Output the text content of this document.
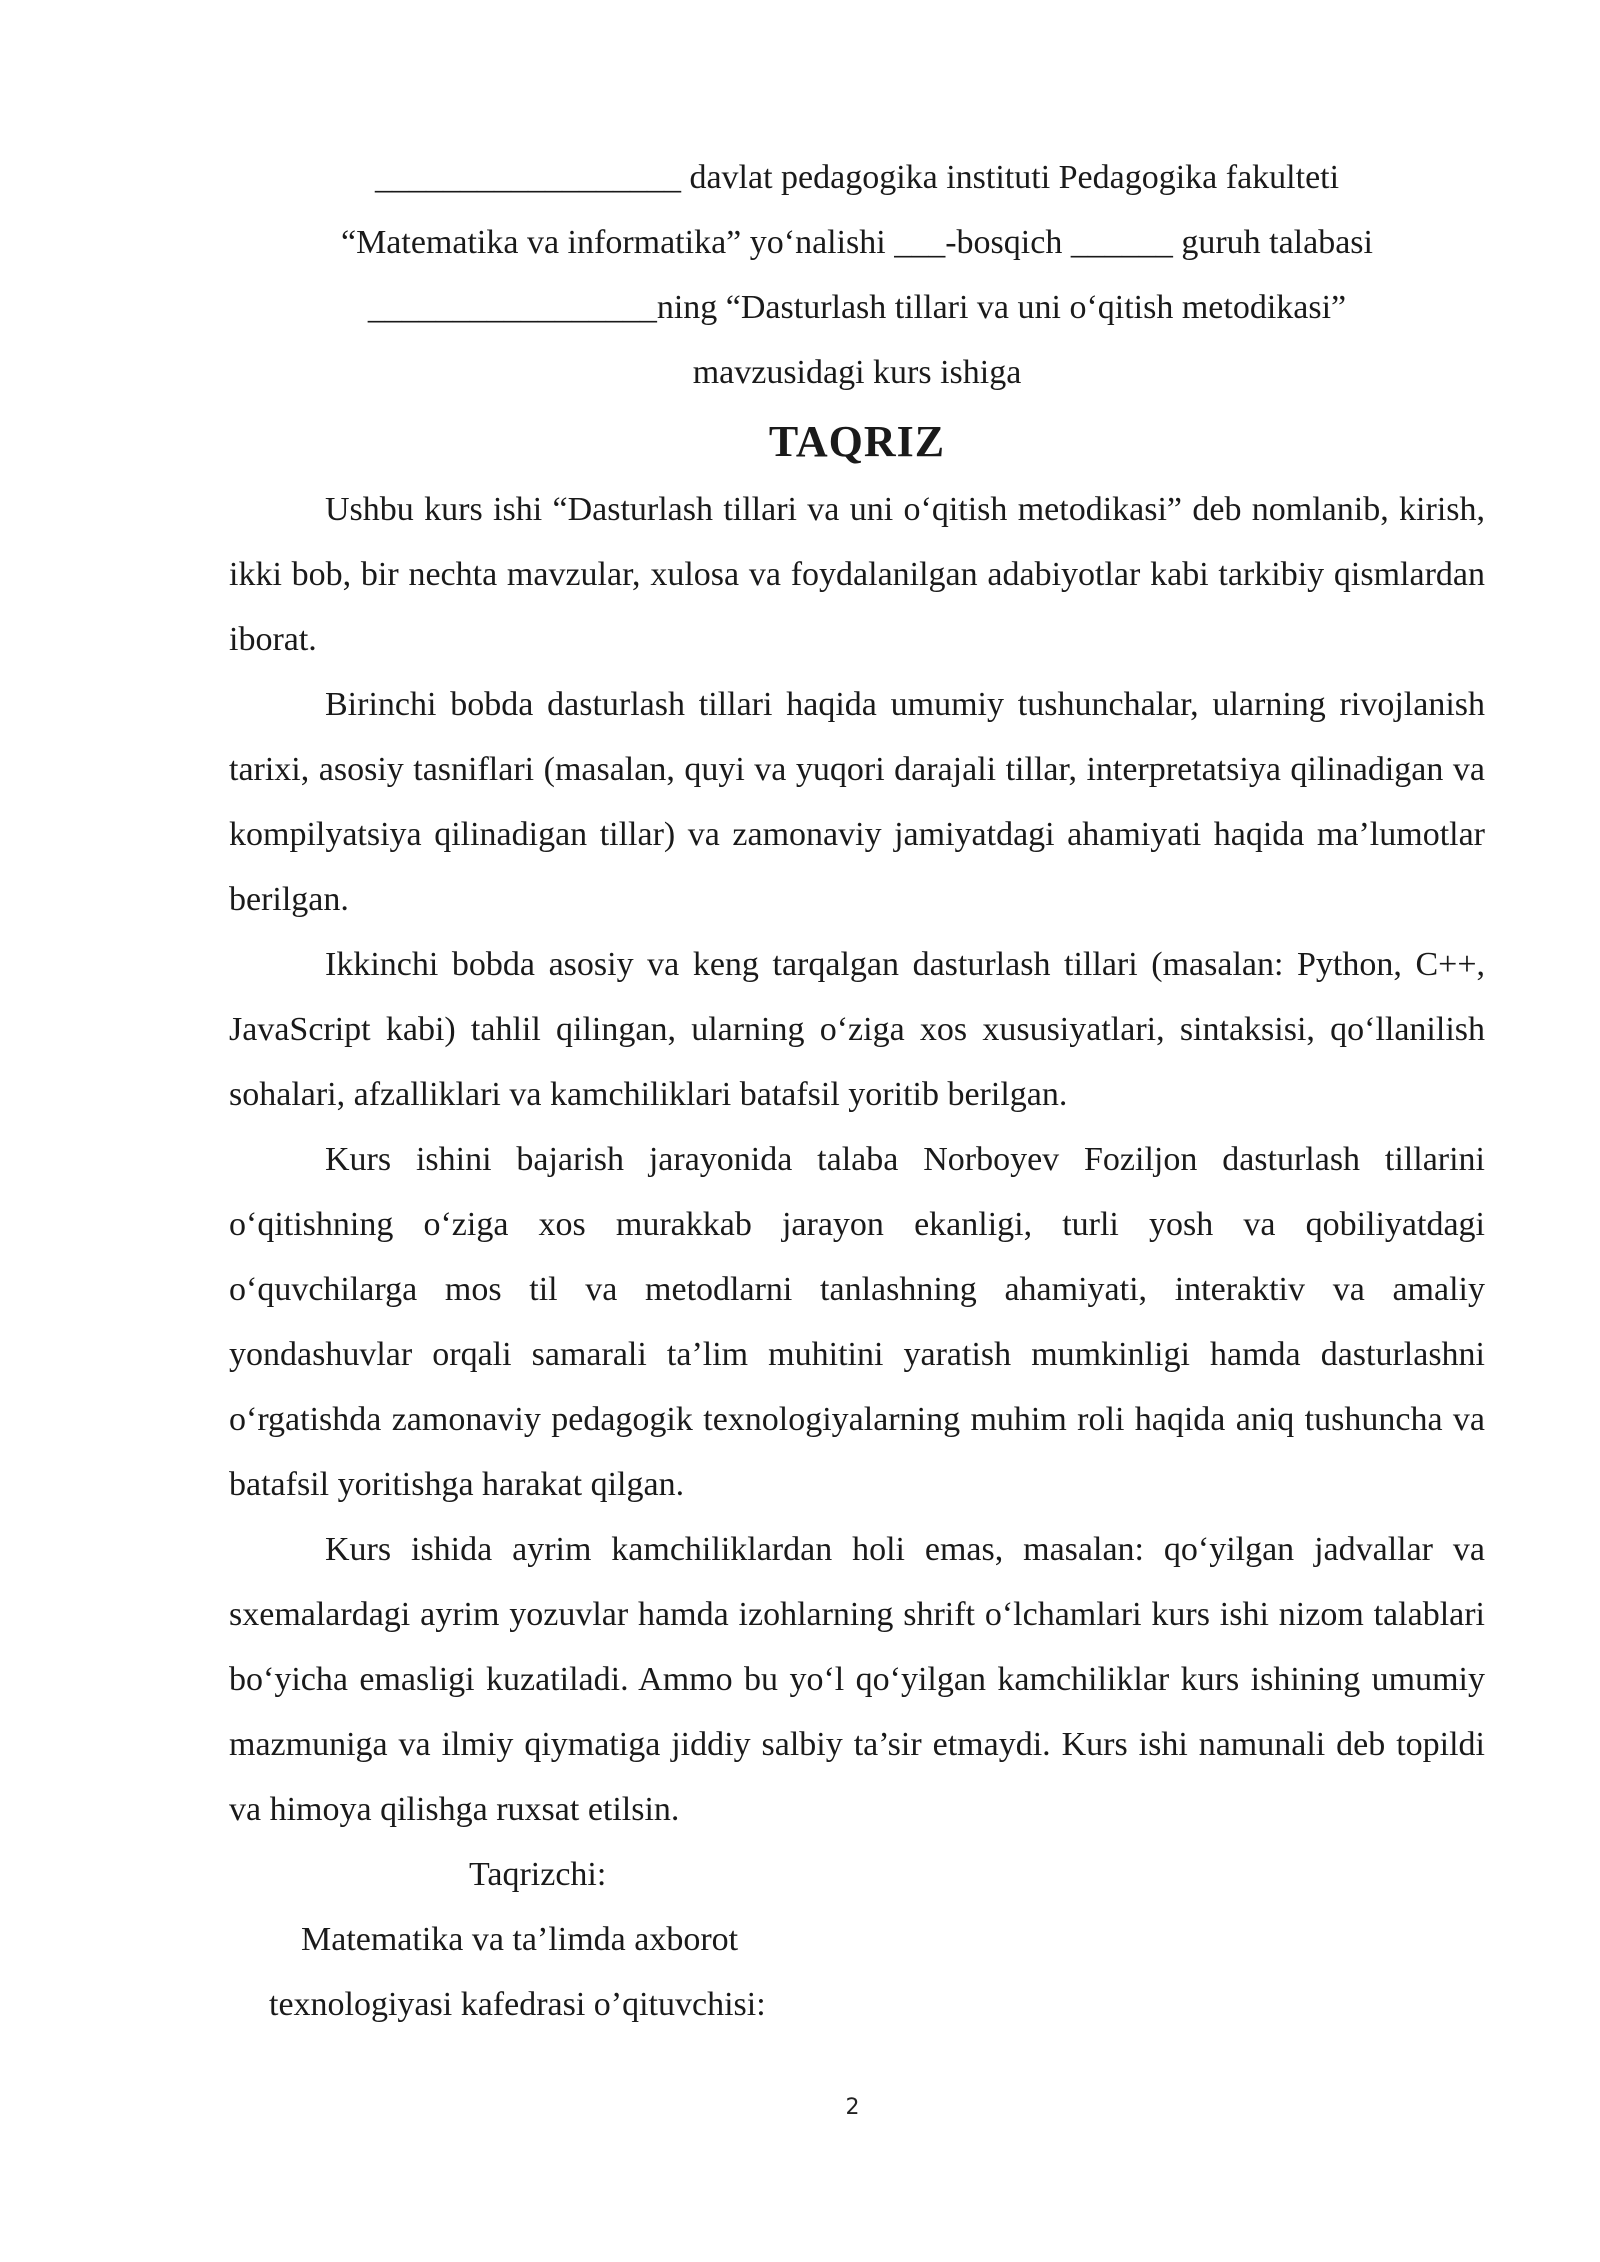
__________________ davlat pedagogika instituti Pedagogika fakulteti
“Matematika va informatika” yo‘nalishi ___-bosqich ______ guruh talabasi
_________________ning “Dasturlash tillari va uni o‘qitish metodikasi”
mavzusidagi kurs ishiga
TAQRIZ

Ushbu kurs ishi “Dasturlash tillari va uni o‘qitish metodikasi” deb nomlanib, kirish, ikki bob, bir nechta mavzular, xulosa va foydalanilgan adabiyotlar kabi tarkibiy qismlardan iborat.

Birinchi bobda dasturlash tillari haqida umumiy tushunchalar, ularning rivojlanish tarixi, asosiy tasniflari (masalan, quyi va yuqori darajali tillar, interpretatsiya qilinadigan va kompilyatsiya qilinadigan tillar) va zamonaviy jamiyatdagi ahamiyati haqida ma’lumotlar berilgan.

Ikkinchi bobda asosiy va keng tarqalgan dasturlash tillari (masalan: Python, C++, JavaScript kabi) tahlil qilingan, ularning o‘ziga xos xususiyatlari, sintaksisi, qo‘llanilish sohalari, afzalliklari va kamchiliklari batafsil yoritib berilgan.

Kurs ishini bajarish jarayonida talaba Norboyev Foziljon dasturlash tillarini o‘qitishning o‘ziga xos murakkab jarayon ekanligi, turli yosh va qobiliyatdagi o‘quvchilarga mos til va metodlarni tanlashning ahamiyati, interaktiv va amaliy yondashuvlar orqali samarali ta’lim muhitini yaratish mumkinligi hamda dasturlashni o‘rgatishda zamonaviy pedagogik texnologiyalarning muhim roli haqida aniq tushuncha va batafsil yoritishga harakat qilgan.

Kurs ishida ayrim kamchiliklardan holi emas, masalan: qo‘yilgan jadvallar va sxemalardagi ayrim yozuvlar hamda izohlarning shrift o‘lchamlari kurs ishi nizom talablari bo‘yicha emasligi kuzatiladi. Ammo bu yo‘l qo‘yilgan kamchiliklar kurs ishining umumiy mazmuniga va ilmiy qiymatiga jiddiy salbiy ta’sir etmaydi. Kurs ishi namunali deb topildi va himoya qilishga ruxsat etilsin.

Taqrizchi:
Matematika va ta’limda axborot
texnologiyasi kafedrasi o’qituvchisi:
2
